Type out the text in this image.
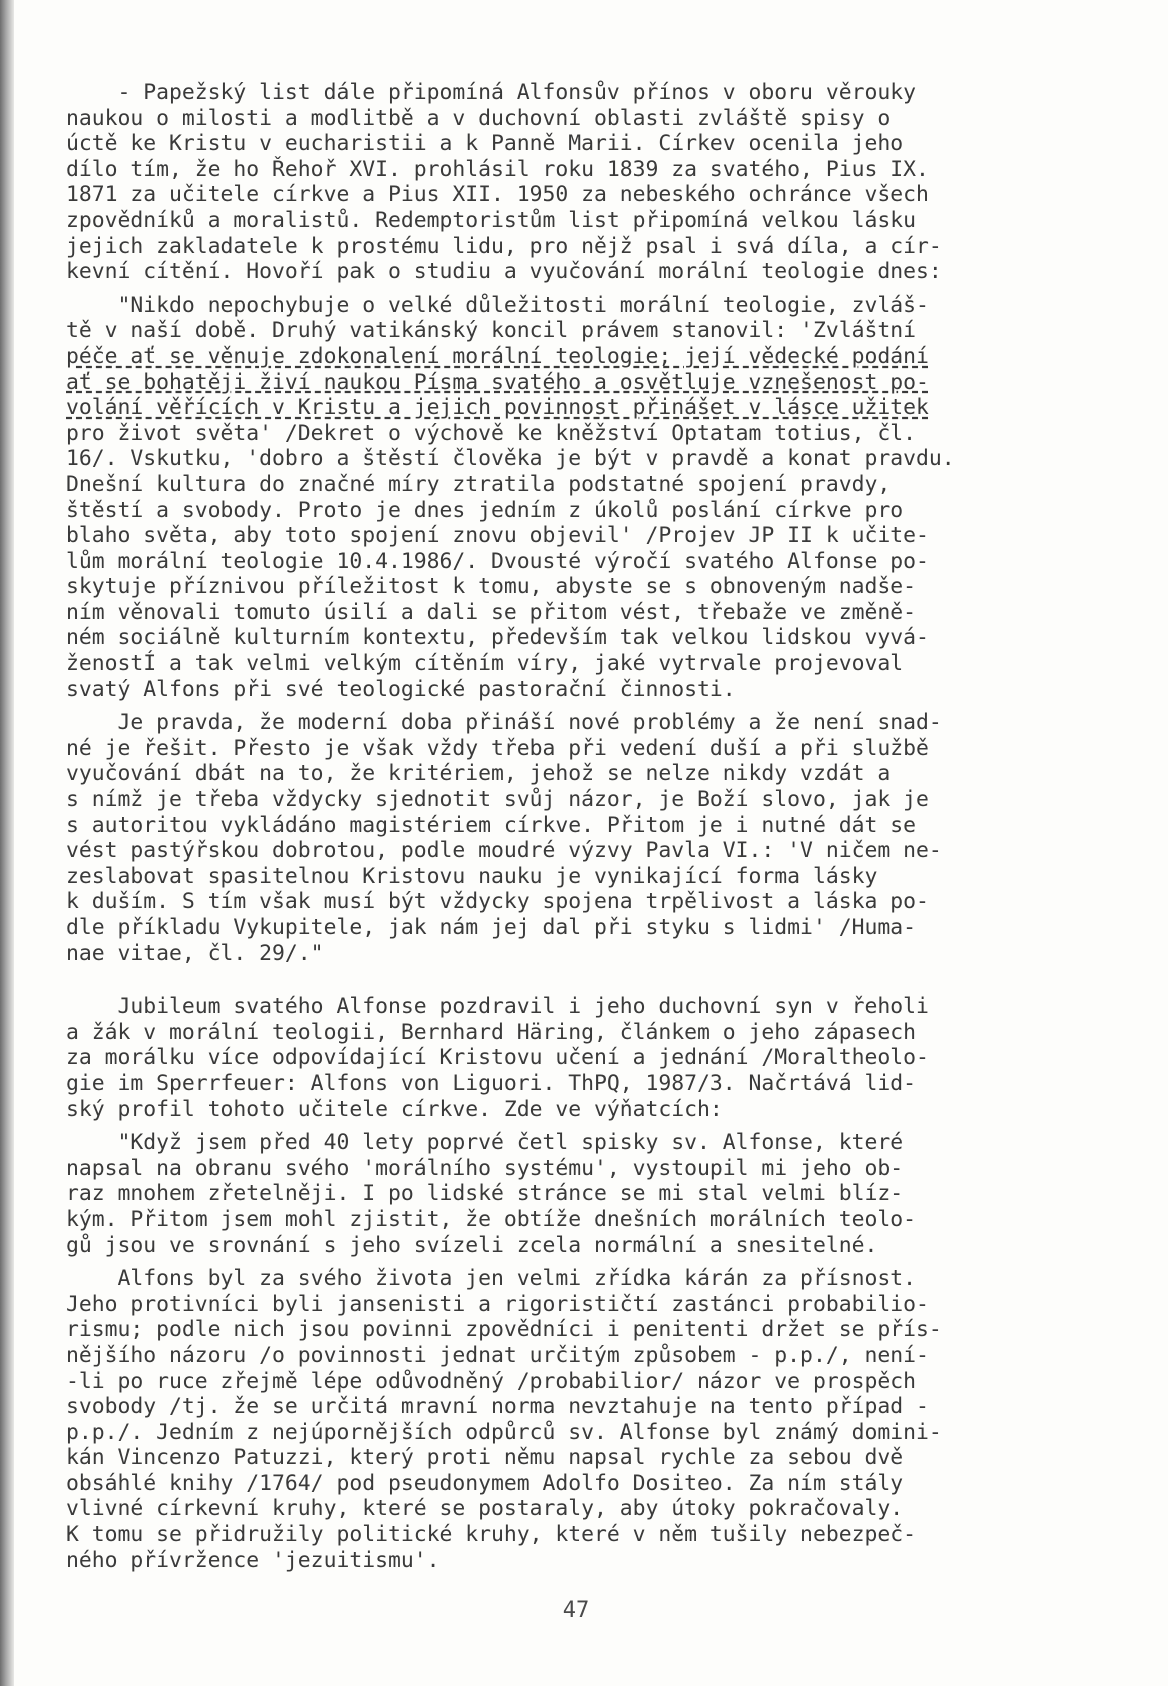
- Papežský list dále připomíná Alfonsův přínos v oboru věrouky
naukou o milosti a modlitbě a v duchovní oblasti zvláště spisy o
úctě ke Kristu v eucharistii a k Panně Marii. Církev ocenila jeho
dílo tím, že ho Řehoř XVI. prohlásil roku 1839 za svatého, Pius IX.
1871 za učitele církve a Pius XII. 1950 za nebeského ochránce všech
zpovědníků a moralistů. Redemptoristům list připomíná velkou lásku
jejich zakladatele k prostému lidu, pro nějž psal i svá díla, a cír-
kevní cítění. Hovoří pak o studiu a vyučování morální teologie dnes:
"Nikdo nepochybuje o velké důležitosti morální teologie, zvláš-
tě v naší době. Druhý vatikánský koncil právem stanovil: 'Zvláštní
péče ať se věnuje zdokonalení morální teologie; její vědecké podání
ať se bohatěji živí naukou Písma svatého a osvětluje vznešenost po-
volání věřících v Kristu a jejich povinnost přinášet v lásce užitek
pro život světa' /Dekret o výchově ke kněžství Optatam totius, čl.
16/. Vskutku, 'dobro a štěstí člověka je být v pravdě a konat pravdu.
Dnešní kultura do značné míry ztratila podstatné spojení pravdy,
štěstí a svobody. Proto je dnes jedním z úkolů poslání církve pro
blaho světa, aby toto spojení znovu objevil' /Projev JP II k učite-
lům morální teologie 10.4.1986/. Dvousté výročí svatého Alfonse po-
skytuje příznivou příležitost k tomu, abyste se s obnoveným nadše-
ním věnovali tomuto úsilí a dali se přitom vést, třebaže ve změně-
ném sociálně kulturním kontextu, především tak velkou lidskou vyvá-
ženostÍ a tak velmi velkým cítěním víry, jaké vytrvale projevoval
svatý Alfons při své teologické pastorační činnosti.
Je pravda, že moderní doba přináší nové problémy a že není snad-
né je řešit. Přesto je však vždy třeba při vedení duší a při službě
vyučování dbát na to, že kritériem, jehož se nelze nikdy vzdát a
s nímž je třeba vždycky sjednotit svůj názor, je Boží slovo, jak je
s autoritou vykládáno magistériem církve. Přitom je i nutné dát se
vést pastýřskou dobrotou, podle moudré výzvy Pavla VI.: 'V ničem ne-
zeslabovat spasitelnou Kristovu nauku je vynikající forma lásky
k duším. S tím však musí být vždycky spojena trpělivost a láska po-
dle příkladu Vykupitele, jak nám jej dal při styku s lidmi' /Huma-
nae vitae, čl. 29/."
Jubileum svatého Alfonse pozdravil i jeho duchovní syn v řeholi
a žák v morální teologii, Bernhard Häring, článkem o jeho zápasech
za morálku více odpovídající Kristovu učení a jednání /Moraltheolo-
gie im Sperrfeuer: Alfons von Liguori. ThPQ, 1987/3. Načrtává lid-
ský profil tohoto učitele církve. Zde ve výňatcích:
"Když jsem před 40 lety poprvé četl spisky sv. Alfonse, které
napsal na obranu svého 'morálního systému', vystoupil mi jeho ob-
raz mnohem zřetelněji. I po lidské stránce se mi stal velmi blíz-
kým. Přitom jsem mohl zjistit, že obtíže dnešních morálních teolo-
gů jsou ve srovnání s jeho svízeli zcela normální a snesitelné.
Alfons byl za svého života jen velmi zřídka kárán za přísnost.
Jeho protivníci byli jansenisti a rigorističtí zastánci probabilio-
rismu; podle nich jsou povinni zpovědníci i penitenti držet se přís-
nějšího názoru /o povinnosti jednat určitým způsobem - p.p./, není-
-li po ruce zřejmě lépe odůvodněný /probabilior/ názor ve prospěch
svobody /tj. že se určitá mravní norma nevztahuje na tento případ -
p.p./. Jedním z nejúpornějších odpůrců sv. Alfonse byl známý domini-
kán Vincenzo Patuzzi, který proti němu napsal rychle za sebou dvě
obsáhlé knihy /1764/ pod pseudonymem Adolfo Dositeo. Za ním stály
vlivné církevní kruhy, které se postaraly, aby útoky pokračovaly.
K tomu se přidružily politické kruhy, které v něm tušily nebezpeč-
ného přívržence 'jezuitismu'.
47
